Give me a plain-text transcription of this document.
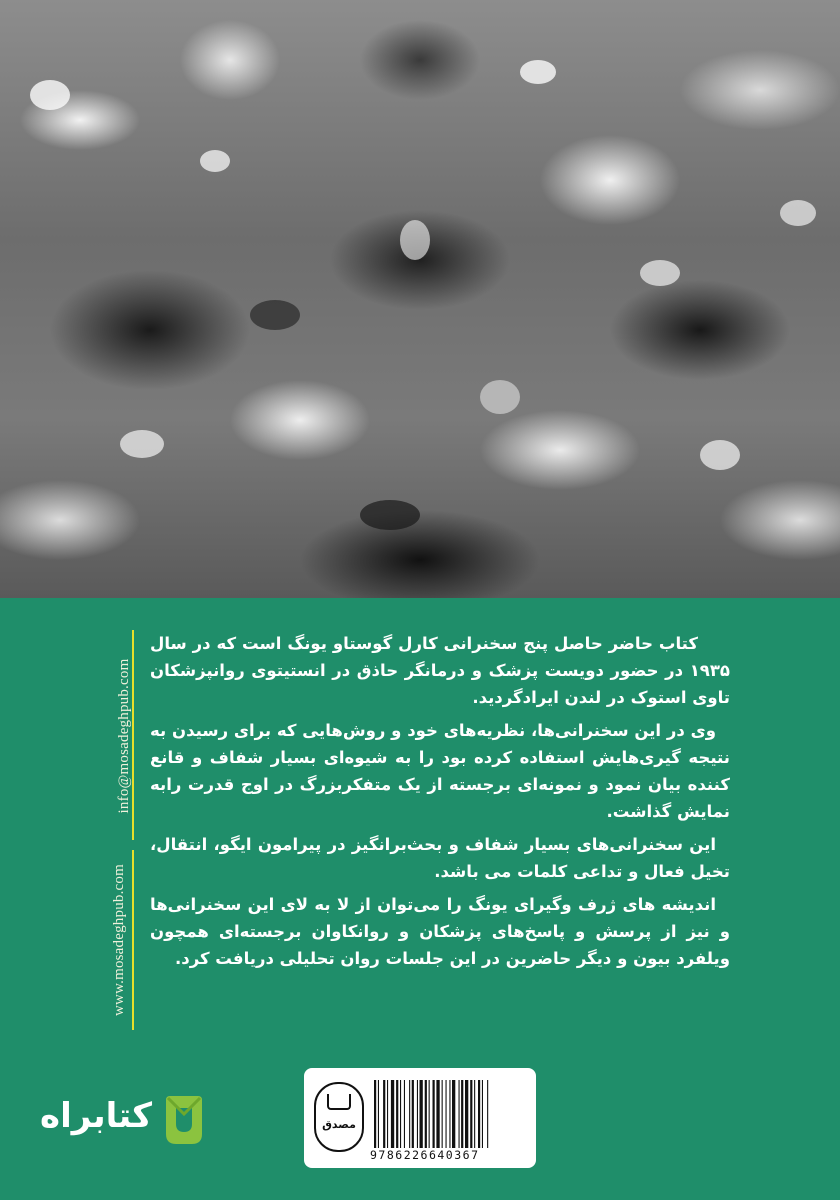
info@mosadeghpub.com
www.mosadeghpub.com

کتاب حاضر حاصل پنج سخنرانی کارل گوستاو یونگ است که در سال ۱۹۳۵ در حضور دویست پزشک و درمانگر حاذق در انستیتوی روانپزشکان تاوی استوک در لندن ایرادگردید.

وی در این سخنرانی‌ها، نظریه‌های خود و روش‌هایی که برای رسیدن به نتیجه گیری‌هایش استفاده کرده بود را به شیوه‌ای بسیار شفاف و قانع کننده بیان نمود و نمونه‌ای برجسته از یک متفکربزرگ در اوج قدرت رابه نمایش گذاشت.

این سخنرانی‌های بسیار شفاف و بحث‌برانگیز در پیرامون ایگو، انتقال، تخیل فعال و تداعی کلمات می باشد.

اندیشه های ژرف وگیرای یونگ را می‌توان از لا به لای این سخنرانی‌ها و نیز از پرسش و پاسخ‌های پزشکان و روانکاوان برجسته‌ای همچون ویلفرد بیون و دیگر حاضرین در این جلسات روان تحلیلی دریافت کرد.

مصدق
9786226640367
کتابراه
